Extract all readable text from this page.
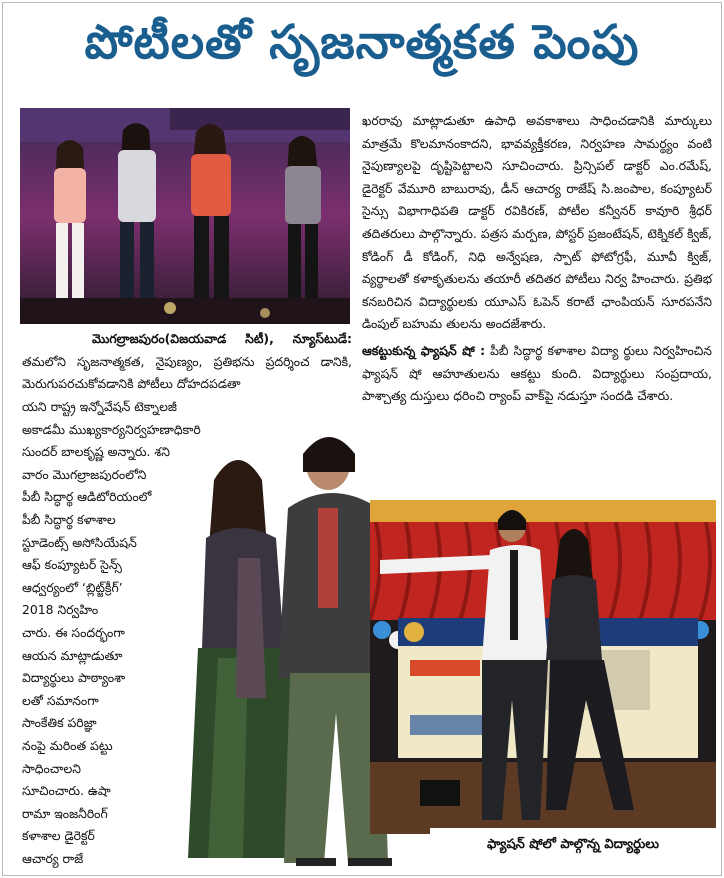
పోటీలతో సృజనాత్మకత పెంపు

ఖరరావు మాట్లాడుతూ ఉపాధి అవకాశాలు సాధించడానికి మార్కులు మాత్రమే కొలమానంకాదని, భావవ్యక్తీకరణ, నిర్వహణ సామర్థ్యం వంటి నైపుణ్యాలపై దృష్టిపెట్టాలని సూచించారు. ప్రిన్సిపల్ డాక్టర్ ఎం.రమేష్, డైరెక్టర్ వేమూరి బాబురావు, డీన్ ఆచార్య రాజేష్ సి.జంపాల, కంప్యూటర్ సైన్సు విభాగాధిపతి డాక్టర్ రవికిరణ్, పోటీల కన్వీనర్ కావూరి శ్రీధర్ తదితరులు పాల్గొన్నారు. పత్రస మర్పణ, పోస్టర్ ప్రజంటేషన్, టెక్నికల్ క్విజ్, కోడింగ్ డీ కోడింగ్, నిధి అన్వేషణ, స్పాట్ ఫోటోగ్రఫీ, మూవీ క్విజ్, వ్యర్థాలతో కళాకృతులను తయారీ తదితర పోటీలు నిర్వ హించారు. ప్రతిభ కనబరిచిన విద్యార్థులకు యూఎస్ ఓపెన్ కరాటే ఛాంపియన్ సూరపనేని డింపుల్ బహుమ తులను అందజేశారు.

ఆకట్టుకున్న ఫ్యాషన్ షో : పీబీ సిద్ధార్థ కళాశాల విద్యా ర్థులు నిర్వహించిన ఫ్యాషన్ షో ఆహూతులను ఆకట్టు కుంది. విద్యార్థులు సంప్రదాయ, పాశ్చాత్య దుస్తులు ధరించి ర్యాంప్ వాక్‌పై నడుస్తూ సందడి చేశారు.

మొగల్రాజపురం(విజయవాడ సిటీ), న్యూస్‌టుడే: తమలోని సృజనాత్మకత, నైపుణ్యం, ప్రతిభను ప్రదర్శించ డానికి, మెరుగుపరచుకోవడానికి పోటీలు దోహదపడతా

యని రాష్ట్ర ఇన్నోవేషన్ టెక్నాలజీ
అకాడమీ ముఖ్యకార్యనిర్వహణాధికారి
సుందర్ బాలకృష్ణ అన్నారు. శని
వారం మొగల్రాజపురంలోని
పీబీ సిద్ధార్థ ఆడిటోరియంలో
పీబీ సిద్ధార్థ కళాశాల
స్టూడెంట్స్ అసోసియేషన్
ఆఫ్ కంప్యూటర్ సైన్స్
ఆధ్వర్యంలో ‘బ్లిట్జ్‌క్రీగ్’
2018 నిర్వహిం
చారు. ఈ సందర్భంగా
ఆయన మాట్లాడుతూ
విద్యార్థులు పాఠ్యాంశా
లతో సమానంగా
సాంకేతిక పరిజ్ఞా
నంపై మరింత పట్టు
సాధించాలని
సూచించారు. ఉషా
రామా ఇంజనీరింగ్
కళాశాల డైరెక్టర్
ఆచార్య రాజే
ఫ్యాషన్ షోలో పాల్గొన్న విద్యార్థులు
